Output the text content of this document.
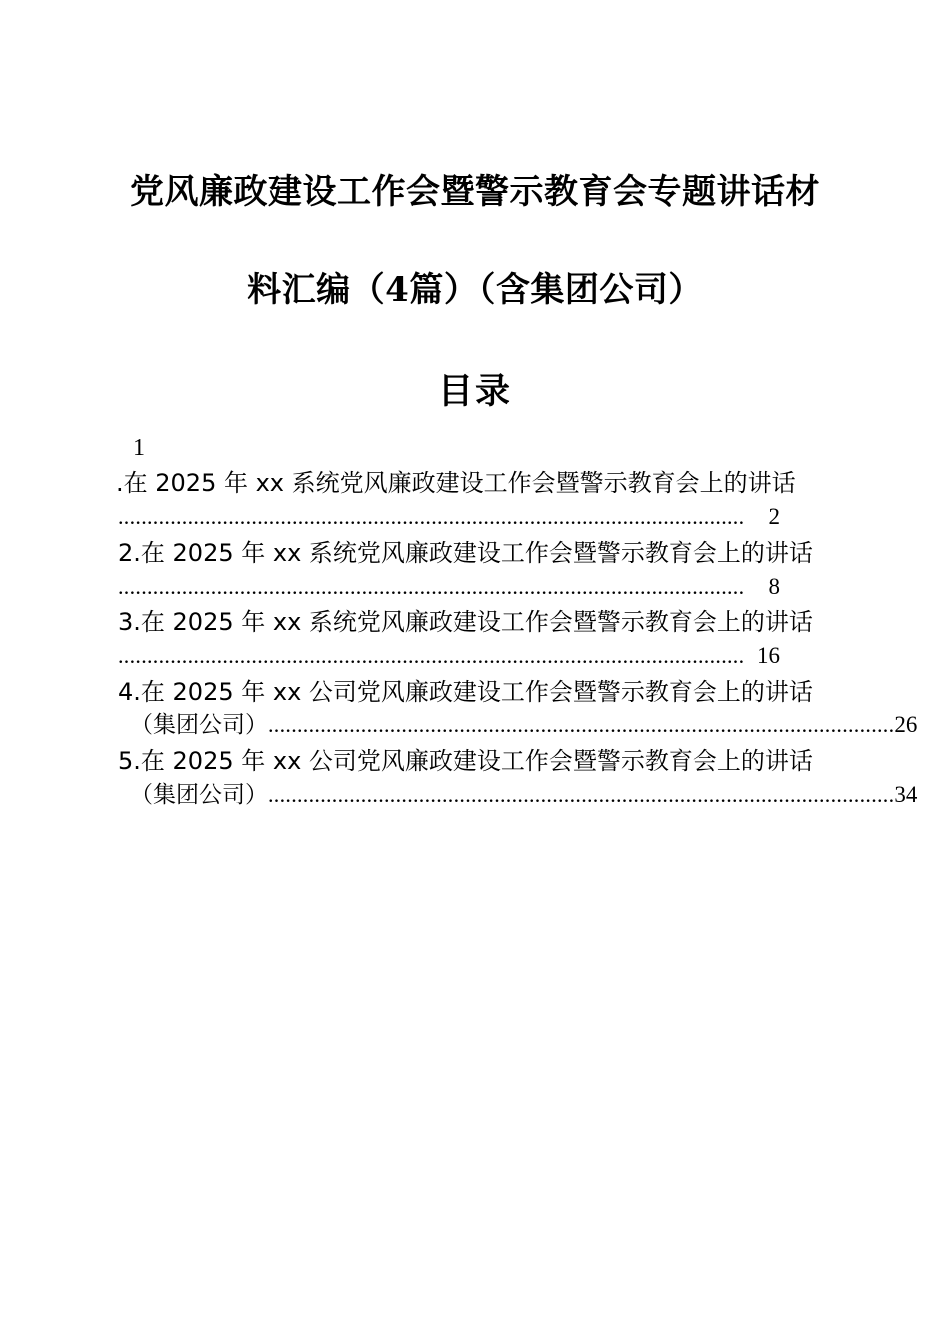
党风廉政建设工作会暨警示教育会专题讲话材
料汇编（4篇）（含集团公司）
目录
1
.在 2025 年 xx 系统党风廉政建设工作会暨警示教育会上的讲话
............................................................................................................	2
2.在 2025 年 xx 系统党风廉政建设工作会暨警示教育会上的讲话
............................................................................................................	8
3.在 2025 年 xx 系统党风廉政建设工作会暨警示教育会上的讲话
............................................................................................................ 16
4.在 2025 年 xx 公司党风廉政建设工作会暨警示教育会上的讲话
（集团公司） ............................................................................................................ 26
5.在 2025 年 xx 公司党风廉政建设工作会暨警示教育会上的讲话
（集团公司） ............................................................................................................ 34
